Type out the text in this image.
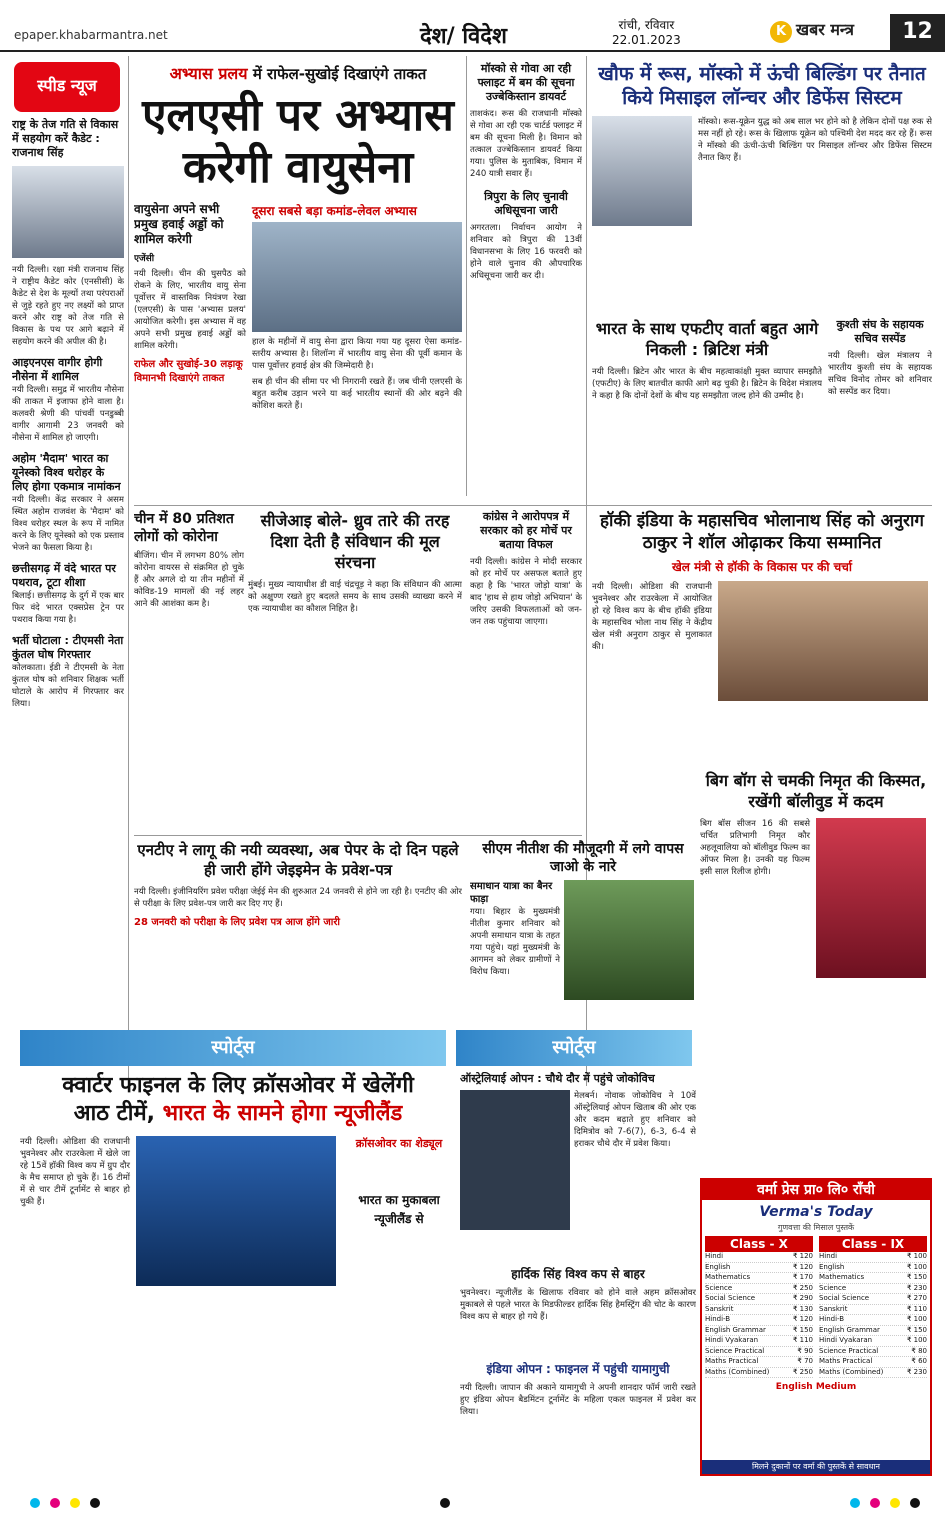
epaper.khabarmantra.net	देश/ विदेश	रांची, रविवार
22.01.2023
K खबर मन्त्र	12
स्पीड न्यूज
राष्ट्र के तेज गति से विकास में सहयोग करें कैडेट : राजनाथ सिंह
नयी दिल्ली। रक्षा मंत्री राजनाथ सिंह ने राष्ट्रीय कैडेट कोर (एनसीसी) के कैडेट से देश के मूल्यों तथा परंपराओं से जुड़े रहते हुए नए लक्ष्यों को प्राप्त करने और राष्ट्र को तेज गति से विकास के पथ पर आगे बढ़ाने में सहयोग करने की अपील की है।
आइएनएस वागीर होगी नौसेना में शामिल
नयी दिल्ली। समुद्र में भारतीय नौसेना की ताकत में इजाफा होने वाला है। कलवरी श्रेणी की पांचवीं पनडुब्बी वागीर आगामी 23 जनवरी को नौसेना में शामिल हो जाएगी।
अहोम 'मैदाम' भारत का यूनेस्को विश्व धरोहर के लिए होगा एकमात्र नामांकन
नयी दिल्ली। केंद्र सरकार ने असम स्थित अहोम राजवंश के 'मैदाम' को विश्व धरोहर स्थल के रूप में नामित करने के लिए यूनेस्को को एक प्रस्ताव भेजने का फैसला किया है।
छत्तीसगढ़ में वंदे भारत पर पथराव, टूटा शीशा
बिलाई। छत्तीसगढ़ के दुर्ग में एक बार फिर वंदे भारत एक्सप्रेस ट्रेन पर पथराव किया गया है।
भर्ती घोटाला : टीएमसी नेता कुंतल घोष गिरफ्तार
कोलकाता। ईडी ने टीएमसी के नेता कुंतल घोष को शनिवार शिक्षक भर्ती घोटाले के आरोप में गिरफ्तार कर लिया।
अभ्यास प्रलय में राफेल-सुखोई दिखाएंगे ताकत
एलएसी पर अभ्यास
करेगी वायुसेना
वायुसेना अपने सभी प्रमुख हवाई अड्डों को शामिल करेगी
एजेंसी
नयी दिल्ली। चीन की घुसपैठ को रोकने के लिए, भारतीय वायु सेना पूर्वोत्तर में वास्तविक नियंत्रण रेखा (एलएसी) के पास 'अभ्यास प्रलय' आयोजित करेगी। इस अभ्यास में वह अपने सभी प्रमुख हवाई अड्डों को शामिल करेगी।
राफेल और सुखोई-30 लड़ाकू विमानभी दिखाएंगे ताकत
दूसरा सबसे बड़ा कमांड-लेवल अभ्यास
हाल के महीनों में वायु सेना द्वारा किया गया यह दूसरा ऐसा कमांड-स्तरीय अभ्यास है। शिलॉन्ग में भारतीय वायु सेना की पूर्वी कमान के पास पूर्वोत्तर हवाई क्षेत्र की जिम्मेदारी है।
सब ही चीन की सीमा पर भी निगरानी रखते हैं। जब चीनी एलएसी के बहुत करीब उड़ान भरने या कई भारतीय स्थानों की ओर बढ़ने की कोशिश करते हैं।
मॉस्को से गोवा आ रही फ्लाइट में बम की सूचना उज्बेकिस्तान डायवर्ट
ताशकंद। रूस की राजधानी मॉस्को से गोवा आ रही एक चार्टर्ड फ्लाइट में बम की सूचना मिली है। विमान को तत्काल उज्बेकिस्तान डायवर्ट किया गया। पुलिस के मुताबिक, विमान में 240 यात्री सवार हैं।
त्रिपुरा के लिए चुनावी अधिसूचना जारी
अगरतला। निर्वाचन आयोग ने शनिवार को त्रिपुरा की 13वीं विधानसभा के लिए 16 फरवरी को होने वाले चुनाव की औपचारिक अधिसूचना जारी कर दी।
खौफ में रूस, मॉस्को में ऊंची बिल्डिंग पर तैनात किये मिसाइल लॉन्चर और डिफेंस सिस्टम
मॉस्को। रूस-यूक्रेन युद्ध को अब साल भर होने को है लेकिन दोनों पक्ष रुक से मस नहीं हो रहे। रूस के खिलाफ यूक्रेन को पश्चिमी देश मदद कर रहे हैं। रूस ने मॉस्को की ऊंची-ऊंची बिल्डिंग पर मिसाइल लॉन्चर और डिफेंस सिस्टम तैनात किए हैं।
भारत के साथ एफटीए वार्ता बहुत आगे निकली : ब्रिटिश मंत्री
नयी दिल्ली। ब्रिटेन और भारत के बीच महत्वाकांक्षी मुक्त व्यापार समझौते (एफटीए) के लिए बातचीत काफी आगे बढ़ चुकी है। ब्रिटेन के विदेश मंत्रालय ने कहा है कि दोनों देशों के बीच यह समझौता जल्द होने की उम्मीद है।
कुश्ती संघ के सहायक सचिव सस्पेंड
नयी दिल्ली। खेल मंत्रालय ने भारतीय कुश्ती संघ के सहायक सचिव विनोद तोमर को शनिवार को सस्पेंड कर दिया।
चीन में 80 प्रतिशत लोगों को कोरोना
बीजिंग। चीन में लगभग 80% लोग कोरोना वायरस से संक्रमित हो चुके हैं और अगले दो या तीन महीनों में कोविड-19 मामलों की नई लहर आने की आशंका कम है।
सीजेआइ बोले- ध्रुव तारे की तरह दिशा देती है संविधान की मूल संरचना
मुंबई। मुख्य न्यायाधीश डी वाई चंद्रचूड़ ने कहा कि संविधान की आत्मा को अक्षुण्ण रखते हुए बदलते समय के साथ उसकी व्याख्या करने में एक न्यायाधीश का कौशल निहित है।
कांग्रेस ने आरोपपत्र में सरकार को हर मोर्चे पर बताया विफल
नयी दिल्ली। कांग्रेस ने मोदी सरकार को हर मोर्चे पर असफल बताते हुए कहा है कि 'भारत जोड़ो यात्रा' के बाद 'हाथ से हाथ जोड़ो अभियान' के जरिए उसकी विफलताओं को जन-जन तक पहुंचाया जाएगा।
हॉकी इंडिया के महासचिव भोलानाथ सिंह को अनुराग ठाकुर ने शॉल ओढ़ाकर किया सम्मानित
खेल मंत्री से हॉकी के विकास पर की चर्चा
नयी दिल्ली। ओडिशा की राजधानी भुवनेश्वर और राउरकेला में आयोजित हो रहे विश्व कप के बीच हॉकी इंडिया के महासचिव भोला नाथ सिंह ने केंद्रीय खेल मंत्री अनुराग ठाकुर से मुलाकात की।
एनटीए ने लागू की नयी व्यवस्था, अब पेपर के दो दिन पहले ही जारी होंगे जेइइमेन के प्रवेश-पत्र
नयी दिल्ली। इंजीनियरिंग प्रवेश परीक्षा जेईई मेन की शुरुआत 24 जनवरी से होने जा रही है। एनटीए की ओर से परीक्षा के लिए प्रवेश-पत्र जारी कर दिए गए हैं।
28 जनवरी को परीक्षा के लिए प्रवेश पत्र आज होंगे जारी
सीएम नीतीश की मौजूदगी में लगे वापस जाओ के नारे
समाधान यात्रा का बैनर फाड़ा
गया। बिहार के मुख्यमंत्री नीतीश कुमार शनिवार को अपनी समाधान यात्रा के तहत गया पहुंचे। यहां मुख्यमंत्री के आगमन को लेकर ग्रामीणों ने विरोध किया।
बिग बॉग से चमकी निमृत की किस्मत, रखेंगी बॉलीवुड में कदम
बिग बॉस सीजन 16 की सबसे चर्चित प्रतिभागी निमृत कौर अहलूवालिया को बॉलीवुड फिल्म का ऑफर मिला है। उनकी यह फिल्म इसी साल रिलीज होगी।
स्पोर्ट्स	स्पोर्ट्स
क्वार्टर फाइनल के लिए क्रॉसओवर में खेलेंगी
आठ टीमें, भारत के सामने होगा न्यूजीलैंड
नयी दिल्ली। ओडिशा की राजधानी भुवनेश्वर और राउरकेला में खेले जा रहे 15वें हॉकी विश्व कप में ग्रुप दौर के मैच समाप्त हो चुके हैं। 16 टीमों में से चार टीमें टूर्नामेंट से बाहर हो चुकी हैं।
क्रॉसओवर का शेड्यूल
भारत का मुकाबला न्यूजीलैंड से
ऑस्ट्रेलियाई ओपन : चौथे दौर में पहुंचे जोकोविच
मेलबर्न। नोवाक जोकोविच ने 10वें ऑस्ट्रेलियाई ओपन खिताब की ओर एक और कदम बढ़ाते हुए शनिवार को दिमित्रोव को 7-6(7), 6-3, 6-4 से हराकर चौथे दौर में प्रवेश किया।
हार्दिक सिंह विश्व कप से बाहर
भुवनेश्वर। न्यूजीलैंड के खिलाफ रविवार को होने वाले अहम क्रॉसओवर मुकाबले से पहले भारत के मिडफील्डर हार्दिक सिंह हैमस्ट्रिंग की चोट के कारण विश्व कप से बाहर हो गये हैं।
इंडिया ओपन : फाइनल में पहुंची यामागुची
नयी दिल्ली। जापान की अकाने यामागुची ने अपनी शानदार फॉर्म जारी रखते हुए इंडिया ओपन बैडमिंटन टूर्नामेंट के महिला एकल फाइनल में प्रवेश कर लिया।
वर्मा प्रेस प्रा० लि० रॉंची
Verma's Today
गुणवत्ता की मिसाल पुस्तकें
Class - X
Hindi	₹ 120
English	₹ 120
Mathematics	₹ 170
Science	₹ 250
Social Science	₹ 290
Sanskrit	₹ 130
Hindi-B	₹ 120
English Grammar	₹ 150
Hindi Vyakaran	₹ 110
Science Practical	₹ 90
Maths Practical	₹ 70
Maths (Combined)	₹ 250
Class - IX
Hindi	₹ 100
English	₹ 100
Mathematics	₹ 150
Science	₹ 230
Social Science	₹ 270
Sanskrit	₹ 110
Hindi-B	₹ 100
English Grammar	₹ 150
Hindi Vyakaran	₹ 100
Science Practical	₹ 80
Maths Practical	₹ 60
Maths (Combined)	₹ 230
English Medium
मिलने दुकानों पर वर्मा की पुस्तकें से सावधान
